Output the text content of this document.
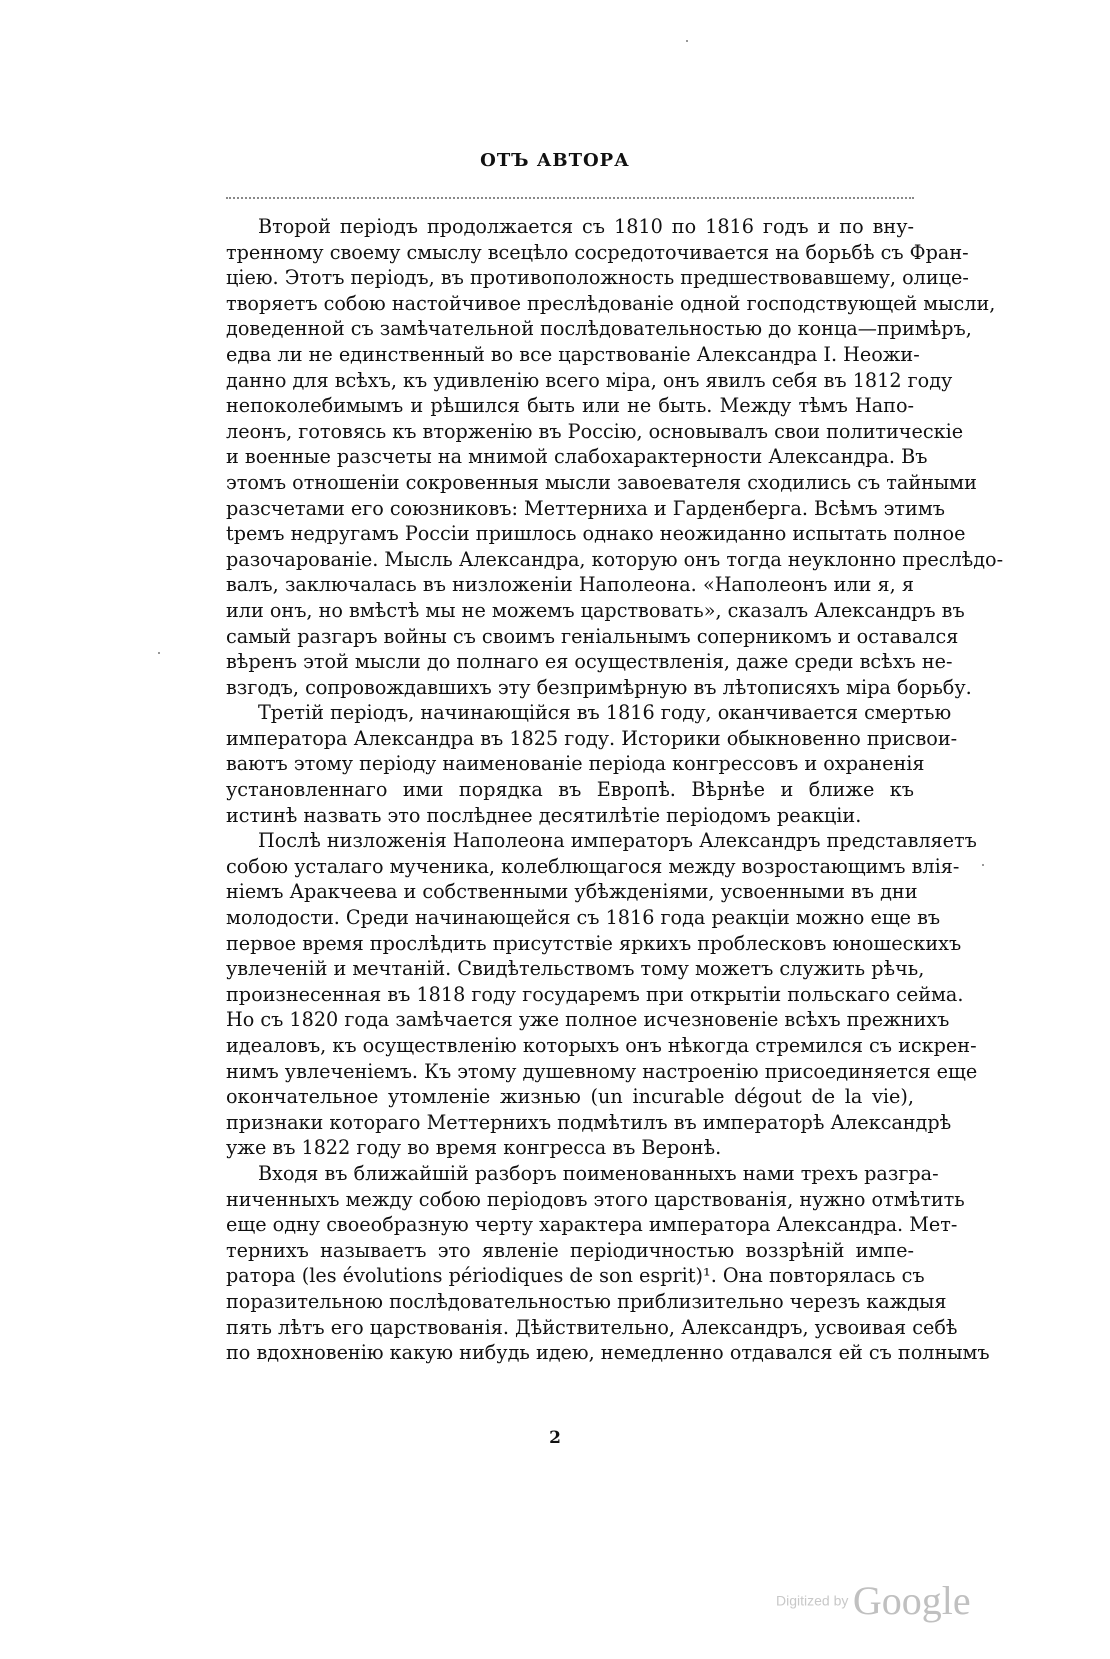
ОТЪ АВТОРА
Второй періодъ продолжается съ 1810 по 1816 годъ и по вну-
тренному своему смыслу всецѣло сосредоточивается на борьбѣ съ Фран-
ціею. Этотъ періодъ, въ противоположность предшествовавшему, олице-
творяетъ собою настойчивое преслѣдованіе одной господствующей мысли,
доведенной съ замѣчательной послѣдовательностью до конца—примѣръ,
едва ли не единственный во все царствованіе Александра I. Неожи-
данно для всѣхъ, къ удивленію всего міра, онъ явилъ себя въ 1812 году
непоколебимымъ и рѣшился быть или не быть. Между тѣмъ Напо-
леонъ, готовясь къ вторженію въ Россію, основывалъ свои политическіе
и военные разсчеты на мнимой слабохарактерности Александра. Въ
этомъ отношеніи сокровенныя мысли завоевателя сходились съ тайными
разсчетами его союзниковъ: Меттерниха и Гарденберга. Всѣмъ этимъ
tремъ недругамъ Россіи пришлось однако неожиданно испытать полное
разочарованіе. Мысль Александра, которую онъ тогда неуклонно преслѣдо-
валъ, заключалась въ низложеніи Наполеона. «Наполеонъ или я, я
или онъ, но вмѣстѣ мы не можемъ царствовать», сказалъ Александръ въ
самый разгаръ войны съ своимъ геніальнымъ соперникомъ и оставался
вѣренъ этой мысли до полнаго ея осуществленія, даже среди всѣхъ не-
взгодъ, сопровождавшихъ эту безпримѣрную въ лѣтописяхъ міра борьбу.
Третій періодъ, начинающійся въ 1816 году, оканчивается смертью
императора Александра въ 1825 году. Историки обыкновенно присвои-
ваютъ этому періоду наименованіе періода конгрессовъ и охраненія
установленнаго ими порядка въ Европѣ. Вѣрнѣе и ближе къ
истинѣ назвать это послѣднее десятилѣтіе періодомъ реакціи.
Послѣ низложенія Наполеона императоръ Александръ представляетъ
собою усталаго мученика, колеблющагося между возростающимъ влія-
ніемъ Аракчеева и собственными убѣжденіями, усвоенными въ дни
молодости. Среди начинающейся съ 1816 года реакціи можно еще въ
первое время прослѣдить присутствіе яркихъ проблесковъ юношескихъ
увлеченій и мечтаній. Свидѣтельствомъ тому можетъ служить рѣчь,
произнесенная въ 1818 году государемъ при открытіи польскаго сейма.
Но съ 1820 года замѣчается уже полное исчезновеніе всѣхъ прежнихъ
идеаловъ, къ осуществленію которыхъ онъ нѣкогда стремился съ искрен-
нимъ увлеченіемъ. Къ этому душевному настроенію присоединяется еще
окончательное утомленіе жизнью (un incurable dégout de la vie),
признаки котораго Меттернихъ подмѣтилъ въ императорѣ Александрѣ
уже въ 1822 году во время конгресса въ Веронѣ.
Входя въ ближайшій разборъ поименованныхъ нами трехъ разгра-
ниченныхъ между собою періодовъ этого царствованія, нужно отмѣтить
еще одну своеобразную черту характера императора Александра. Мет-
тернихъ называетъ это явленіе періодичностью воззрѣній импе-
ратора (les évolutions périodiques de son esprit)¹. Она повторялась съ
поразительною послѣдовательностью приблизительно черезъ каждыя
пять лѣтъ его царствованія. Дѣйствительно, Александръ, усвоивая себѣ
по вдохновенію какую нибудь идею, немедленно отдавался ей съ полнымъ
2
Digitized by Google
